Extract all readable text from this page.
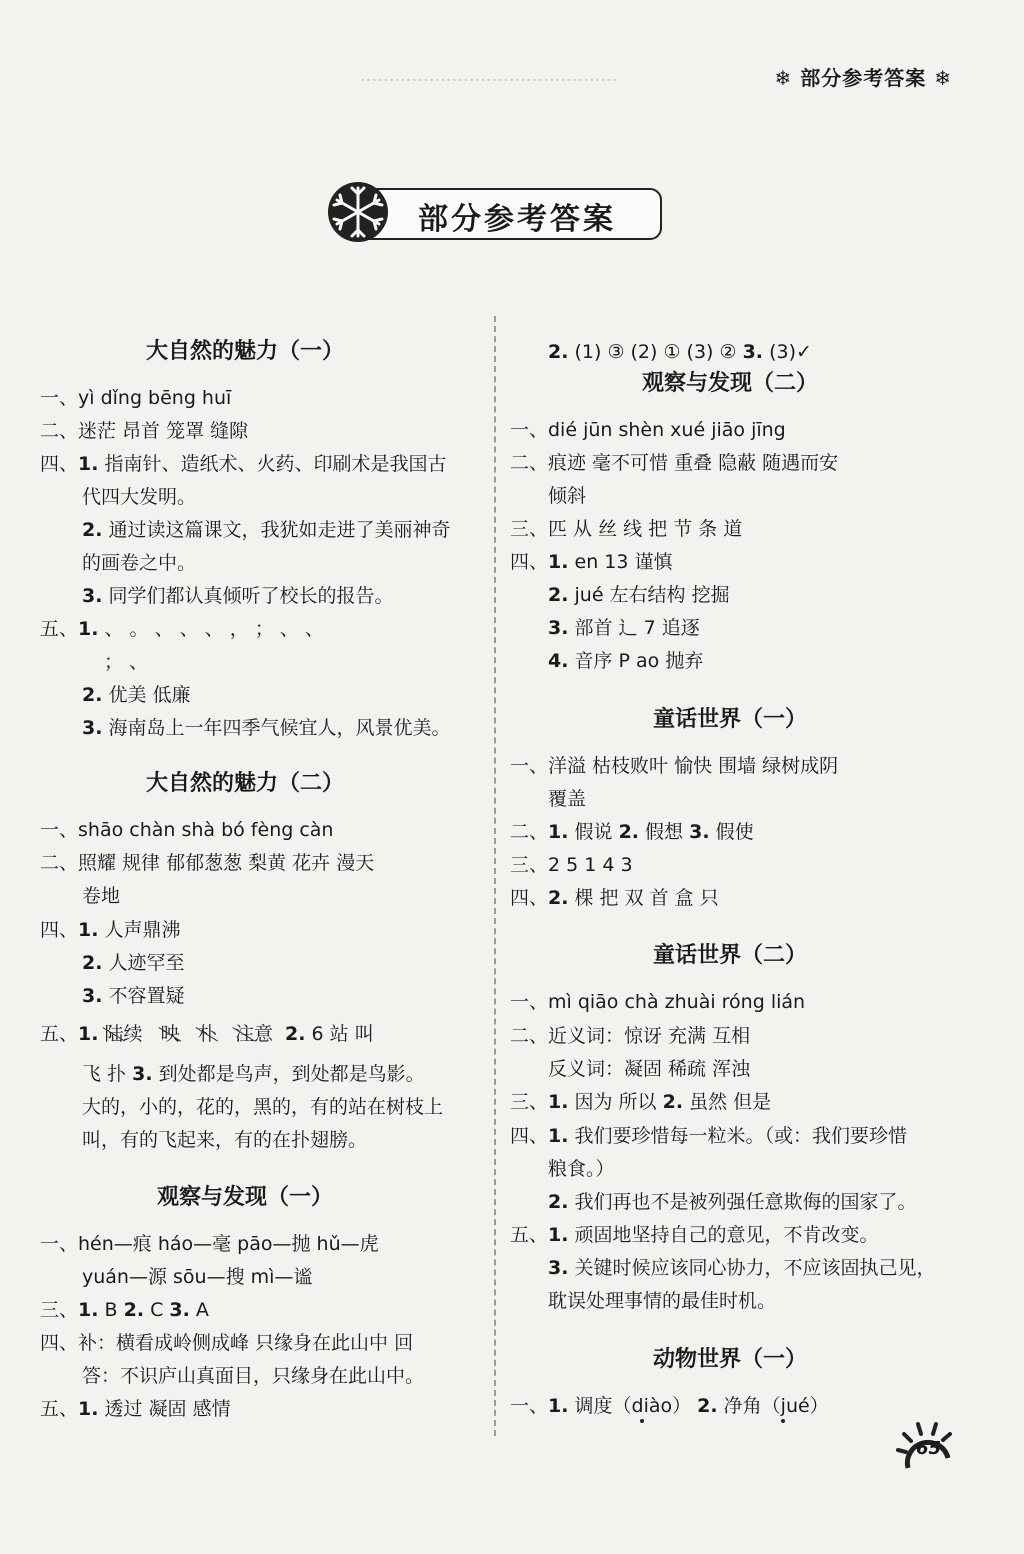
·············································	❄ 部分参考答案 ❄
部分参考答案
大自然的魅力（一）
一、yì dǐng bēng huī
二、迷茫 昂首 笼罩 缝隙
四、1. 指南针、造纸术、火药、印刷术是我国古
代四大发明。
2. 通过读这篇课文，我犹如走进了美丽神奇
的画卷之中。
3. 同学们都认真倾听了校长的报告。
五、1. 、 。 、 、 、 ， ； 、 、
； 、
2. 优美 低廉
3. 海南岛上一年四季气候宜人，风景优美。
大自然的魅力（二）
一、shāo chàn shà bó fèng càn
二、照耀 规律 郁郁葱葱 梨黄 花卉 漫天
卷地
四、1. 人声鼎沸
2. 人迹罕至
3. 不容置疑
五、1. 陆续 映 朴 注意 2. 6 站 叫
飞 扑 3. 到处都是鸟声，到处都是鸟影。
大的，小的，花的，黑的，有的站在树枝上
叫，有的飞起来，有的在扑翅膀。
观察与发现（一）
一、hén—痕 háo—毫 pāo—抛 hǔ—虎
yuán—源 sōu—搜 mì—谧
三、1. B 2. C 3. A
四、补：横看成岭侧成峰 只缘身在此山中 回
答：不识庐山真面目，只缘身在此山中。
五、1. 透过 凝固 感情
2. (1) ③ (2) ① (3) ② 3. (3)✓
观察与发现（二）
一、dié jūn shèn xué jiāo jīng
二、痕迹 毫不可惜 重叠 隐蔽 随遇而安
倾斜
三、匹 从 丝 线 把 节 条 道
四、1. en 13 谨慎
2. jué 左右结构 挖掘
3. 部首 辶 7 追逐
4. 音序 P ao 抛弃
童话世界（一）
一、洋溢 枯枝败叶 愉快 围墙 绿树成阴
覆盖
二、1. 假说 2. 假想 3. 假使
三、2 5 1 4 3
四、2. 棵 把 双 首 盒 只
童话世界（二）
一、mì qiāo chà zhuài róng lián
二、近义词：惊讶 充满 互相
反义词：凝固 稀疏 浑浊
三、1. 因为 所以 2. 虽然 但是
四、1. 我们要珍惜每一粒米。（或：我们要珍惜
粮食。）
2. 我们再也不是被列强任意欺侮的国家了。
五、1. 顽固地坚持自己的意见，不肯改变。
3. 关键时候应该同心协力，不应该固执己见，
耽误处理事情的最佳时机。
动物世界（一）
一、1. 调度（diào） 2. 净角（jué）
65
